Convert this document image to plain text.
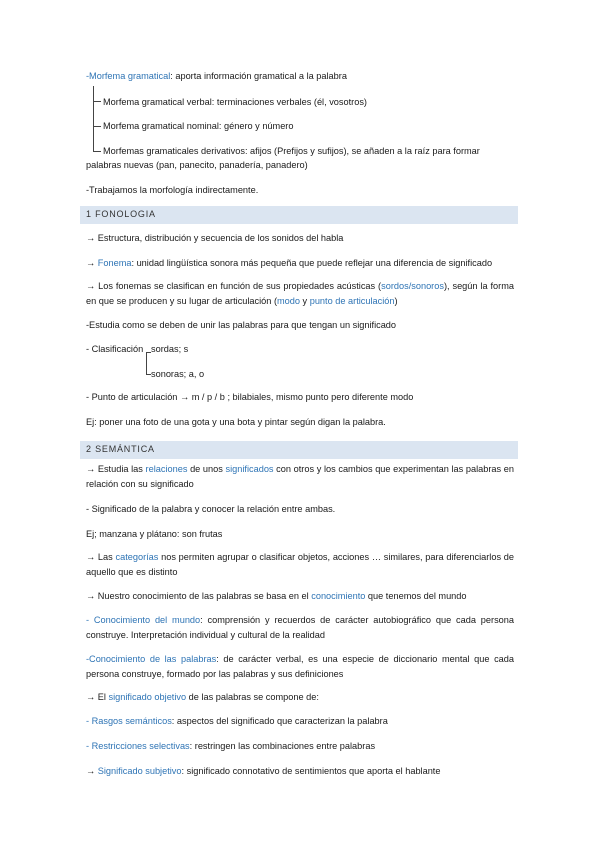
-Morfema gramatical: aporta información gramatical a la palabra
Morfema gramatical verbal: terminaciones verbales (él, vosotros)
Morfema gramatical nominal: género y número
Morfemas gramaticales derivativos: afijos (Prefijos y sufijos), se añaden a la raíz para formar
palabras nuevas (pan, panecito, panadería, panadero)
-Trabajamos la morfología indirectamente.
1 FONOLOGIA
→ Estructura, distribución y secuencia de los sonidos del habla
→ Fonema: unidad lingüística sonora más pequeña que puede reflejar una diferencia de significado
→ Los fonemas se clasifican en función de sus propiedades acústicas (sordos/sonoros), según la forma en que se producen y su lugar de articulación (modo y punto de articulación)
-Estudia como se deben de unir las palabras para que tengan un significado
- Clasificación sordas; s
sonoras; a, o
- Punto de articulación → m / p / b ; bilabiales, mismo punto pero diferente modo
Ej: poner una foto de una gota y una bota y pintar según digan la palabra.
2 SEMÁNTICA
→ Estudia las relaciones de unos significados con otros y los cambios que experimentan las palabras en relación con su significado
- Significado de la palabra y conocer la relación entre ambas.
Ej; manzana y plátano: son frutas
→ Las categorías nos permiten agrupar o clasificar objetos, acciones … similares, para diferenciarlos de aquello que es distinto
→ Nuestro conocimiento de las palabras se basa en el conocimiento que tenemos del mundo
- Conocimiento del mundo: comprensión y recuerdos de carácter autobiográfico que cada persona construye. Interpretación individual y cultural de la realidad
-Conocimiento de las palabras: de carácter verbal, es una especie de diccionario mental que cada persona construye, formado por las palabras y sus definiciones
→ El significado objetivo de las palabras se compone de:
- Rasgos semánticos: aspectos del significado que caracterizan la palabra
- Restricciones selectivas: restringen las combinaciones entre palabras
→ Significado subjetivo: significado connotativo de sentimientos que aporta el hablante
